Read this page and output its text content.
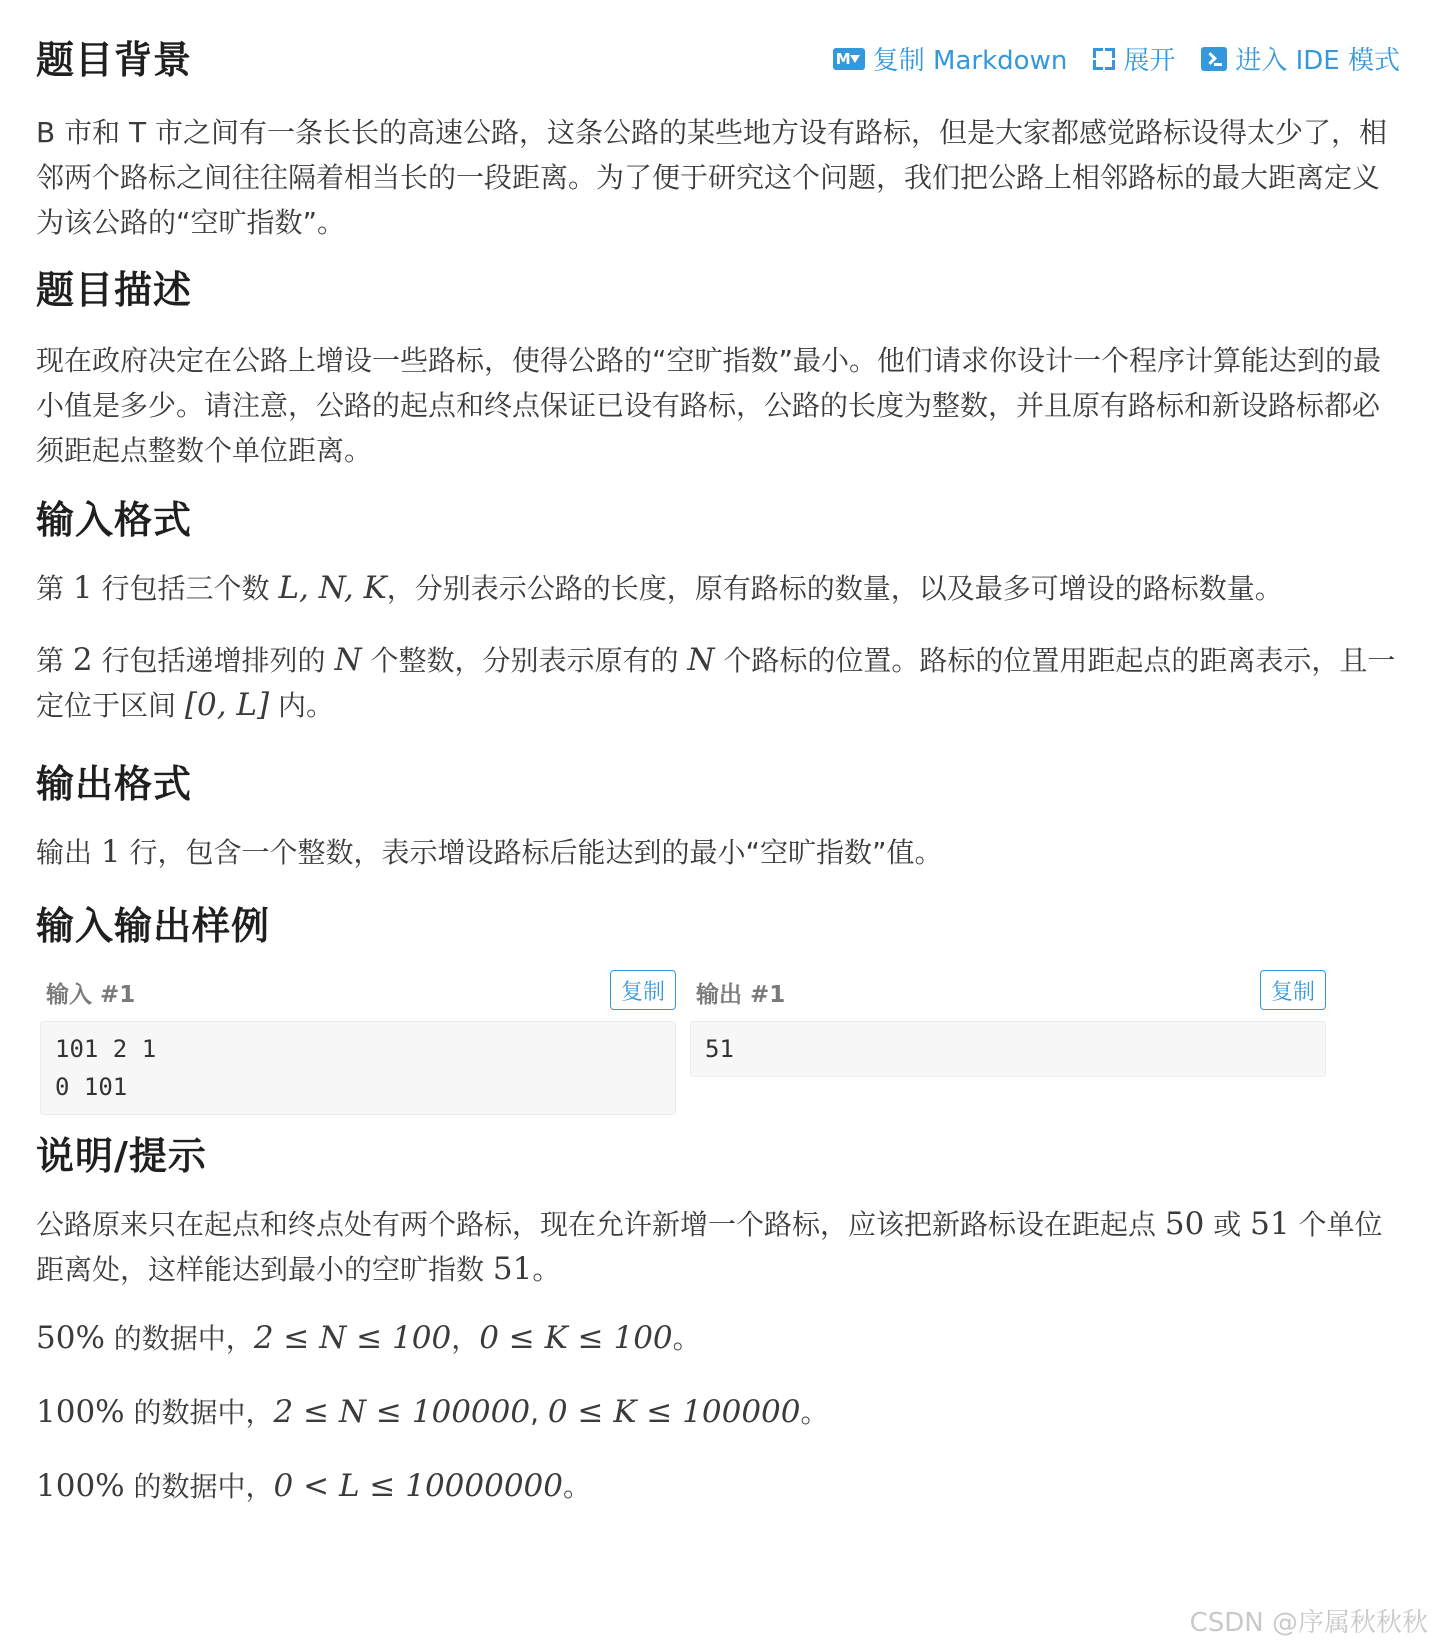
M
复制 Markdown 展开 进入 IDE 模式
题目背景

B 市和 T 市之间有一条长长的高速公路，这条公路的某些地方设有路标，但是大家都感觉路标设得太少了，相邻两个路标之间往往隔着相当长的一段距离。为了便于研究这个问题，我们把公路上相邻路标的最大距离定义为该公路的“空旷指数”。

题目描述

现在政府决定在公路上增设一些路标，使得公路的“空旷指数”最小。他们请求你设计一个程序计算能达到的最小值是多少。请注意，公路的起点和终点保证已设有路标，公路的长度为整数，并且原有路标和新设路标都必须距起点整数个单位距离。

输入格式

第 1 行包括三个数 L, N, K，分别表示公路的长度，原有路标的数量，以及最多可增设的路标数量。

第 2 行包括递增排列的 N 个整数，分别表示原有的 N 个路标的位置。路标的位置用距起点的距离表示，且一定位于区间 [0, L] 内。

输出格式

输出 1 行，包含一个整数，表示增设路标后能达到的最小“空旷指数”值。

输入输出样例
输入 #1	复制
101 2 1
0 101
输出 #1	复制
51
说明/提示

公路原来只在起点和终点处有两个路标，现在允许新增一个路标，应该把新路标设在距起点 50 或 51 个单位距离处，这样能达到最小的空旷指数 51。

50% 的数据中，2 ≤ N ≤ 100，0 ≤ K ≤ 100。

100% 的数据中，2 ≤ N ≤ 100000, 0 ≤ K ≤ 100000。

100% 的数据中，0 < L ≤ 10000000。

CSDN @序属秋秋秋
